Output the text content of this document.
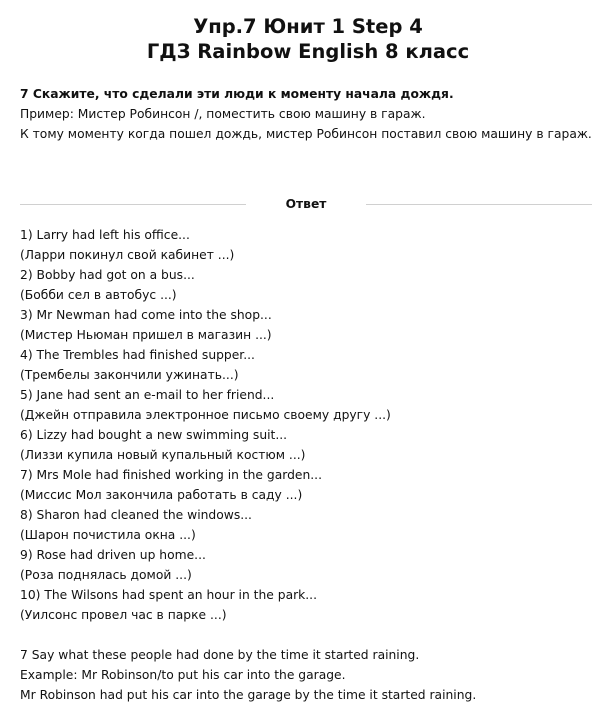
Упр.7 Юнит 1 Step 4
ГДЗ Rainbow English 8 класс
7 Скажите, что сделали эти люди к моменту начала дождя.
Пример: Мистер Робинсон /, поместить свою машину в гараж.
К тому моменту когда пошел дождь, мистер Робинсон поставил свою машину в гараж.
Ответ
1) Larry had left his office...
(Ларри покинул свой кабинет ...)
2) Bobby had got on a bus...
(Бобби сел в автобус ...)
3) Mr Newman had come into the shop...
(Мистер Ньюман пришел в магазин ...)
4) The Trembles had finished supper...
(Трембелы закончили ужинать...)
5) Jane had sent an e-mail to her friend...
(Джейн отправила электронное письмо своему другу ...)
6) Lizzy had bought a new swimming suit...
(Лиззи купила новый купальный костюм ...)
7) Mrs Mole had finished working in the garden...
(Миссис Мол закончила работать в саду ...)
8) Sharon had cleaned the windows...
(Шарон почистила окна ...)
9) Rose had driven up home...
(Роза поднялась домой ...)
10) The Wilsons had spent an hour in the park...
(Уилсонс провел час в парке ...)
7 Say what these people had done by the time it started raining.
Example: Mr Robinson/to put his car into the garage.
Mr Robinson had put his car into the garage by the time it started raining.
